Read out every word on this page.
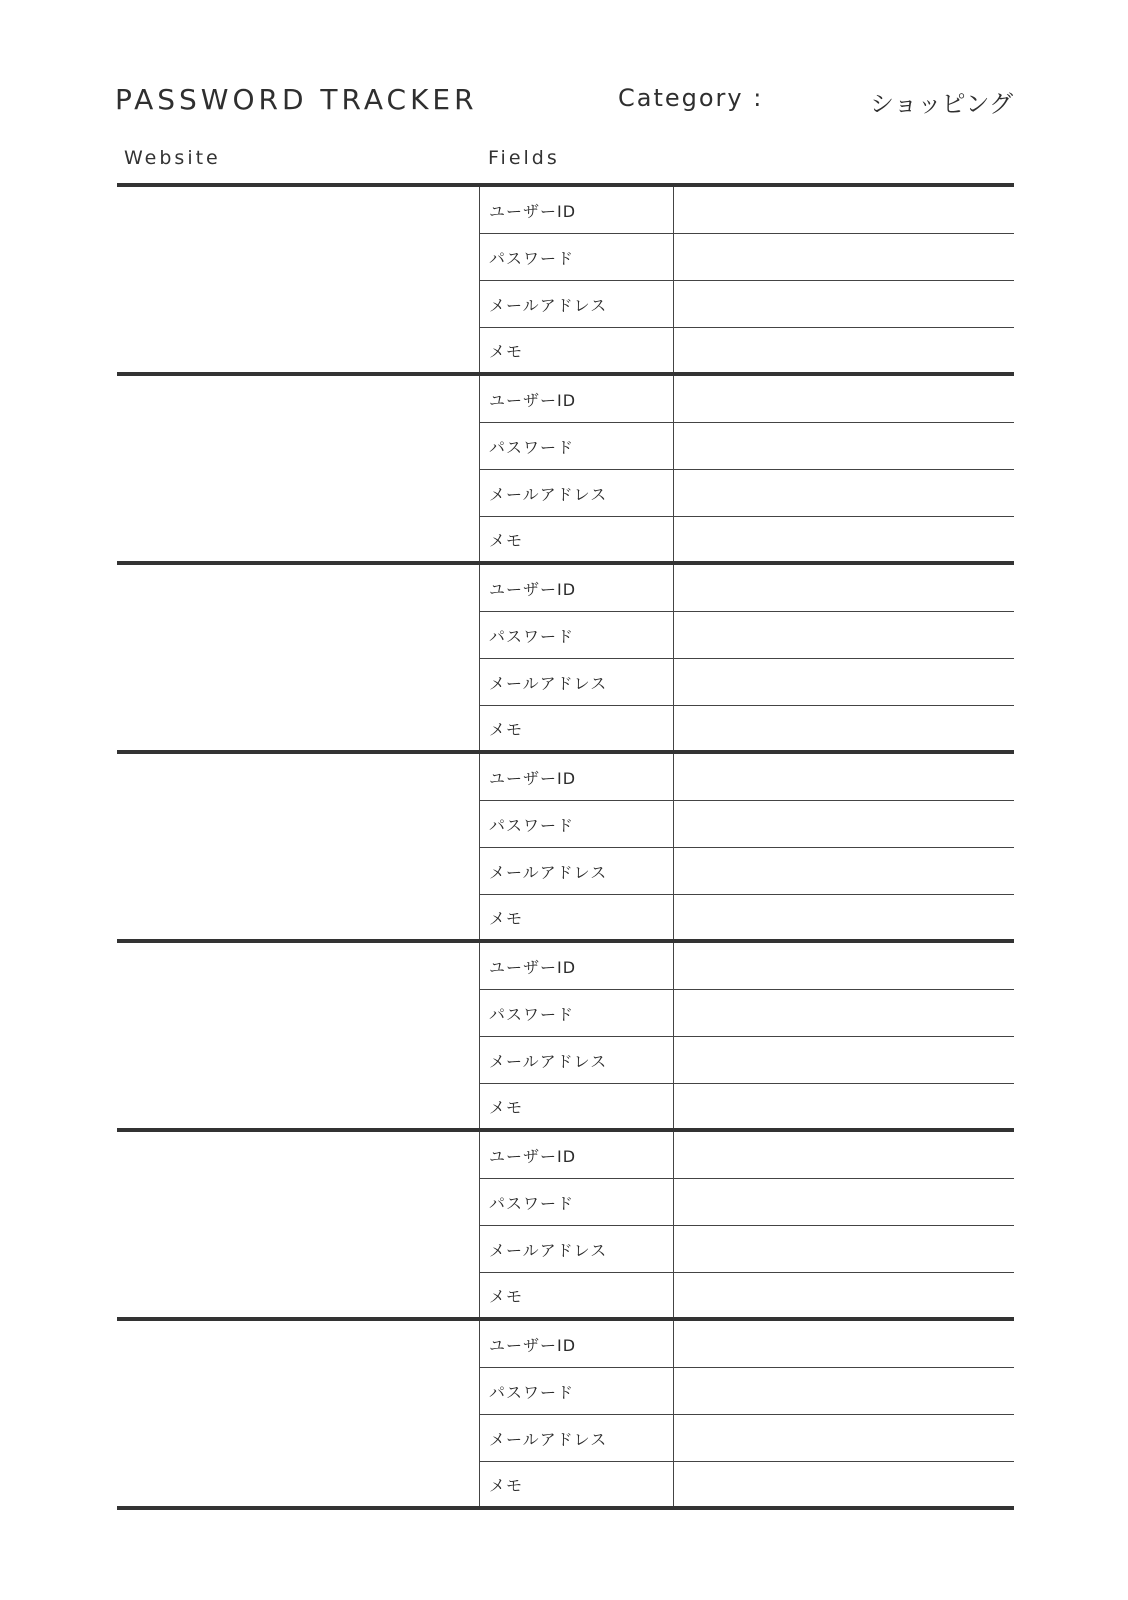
PASSWORD TRACKER	Category :	ショッピング
Website	Fields
ユーザーID
パスワード
メールアドレス
メモ
ユーザーID
パスワード
メールアドレス
メモ
ユーザーID
パスワード
メールアドレス
メモ
ユーザーID
パスワード
メールアドレス
メモ
ユーザーID
パスワード
メールアドレス
メモ
ユーザーID
パスワード
メールアドレス
メモ
ユーザーID
パスワード
メールアドレス
メモ
